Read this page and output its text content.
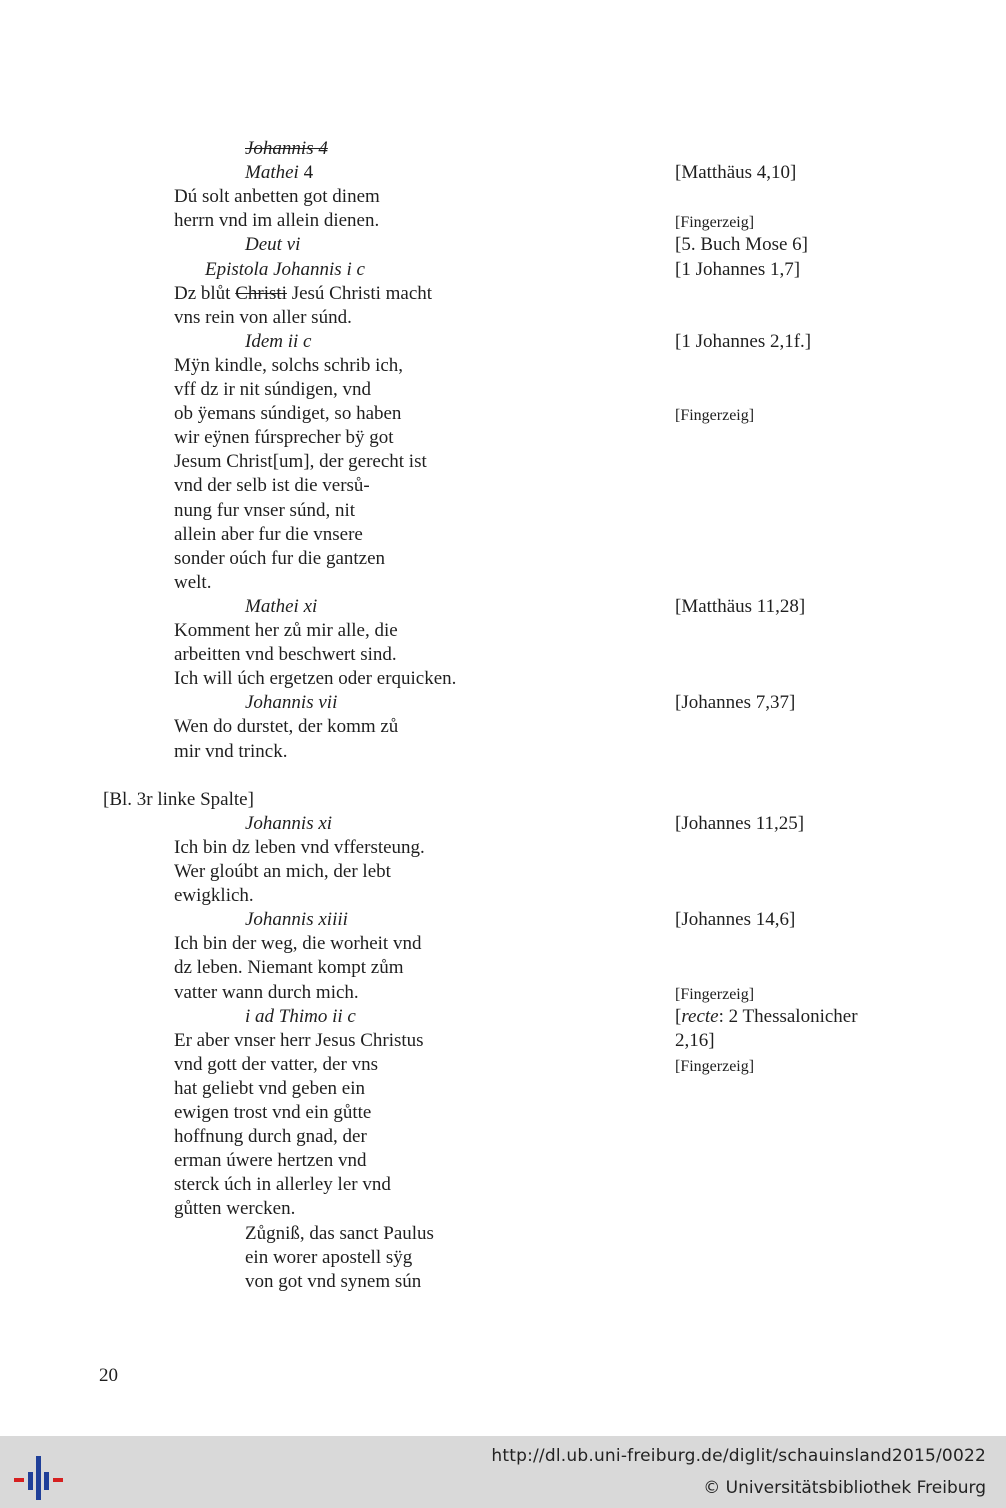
Johannis 4
Mathei 4
Dú solt anbetten got dinem
herrn vnd im allein dienen.
Deut vi
Epistola Johannis i c
Dz blůt Christi Jesú Christi macht
vns rein von aller súnd.
Idem ii c
Mÿn kindle, solchs schrib ich,
vff dz ir nit súndigen, vnd
ob ÿemans súndiget, so haben
wir eÿnen fúrsprecher bÿ got
Jesum Christ[um], der gerecht ist
vnd der selb ist die versů-
nung fur vnser súnd, nit
allein aber fur die vnsere
sonder oúch fur die gantzen
welt.
Mathei xi
Komment her zů mir alle, die
arbeitten vnd beschwert sind.
Ich will úch ergetzen oder erquicken.
Johannis vii
Wen do durstet, der komm zů
mir vnd trinck.
[Bl. 3r linke Spalte]
Johannis xi
Ich bin dz leben vnd vffersteung.
Wer gloúbt an mich, der lebt
ewigklich.
Johannis xiiii
Ich bin der weg, die worheit vnd
dz leben. Niemant kompt zům
vatter wann durch mich.
i ad Thimo ii c
Er aber vnser herr Jesus Christus
vnd gott der vatter, der vns
hat geliebt vnd geben ein
ewigen trost vnd ein gůtte
hoffnung durch gnad, der
erman úwere hertzen vnd
sterck úch in allerley ler vnd
gůtten wercken.
Zůgniß, das sanct Paulus
ein worer apostell sÿg
von got vnd synem sún
[Matthäus 4,10]
[Fingerzeig]
[5. Buch Mose 6]
[1 Johannes 1,7]
[1 Johannes 2,1f.]
[Fingerzeig]
[Matthäus 11,28]
[Johannes 7,37]
[Johannes 11,25]
[Johannes 14,6]
[Fingerzeig]
[recte: 2 Thessalonicher
2,16]
[Fingerzeig]
20
http://dl.ub.uni-freiburg.de/diglit/schauinsland2015/0022
© Universitätsbibliothek Freiburg
